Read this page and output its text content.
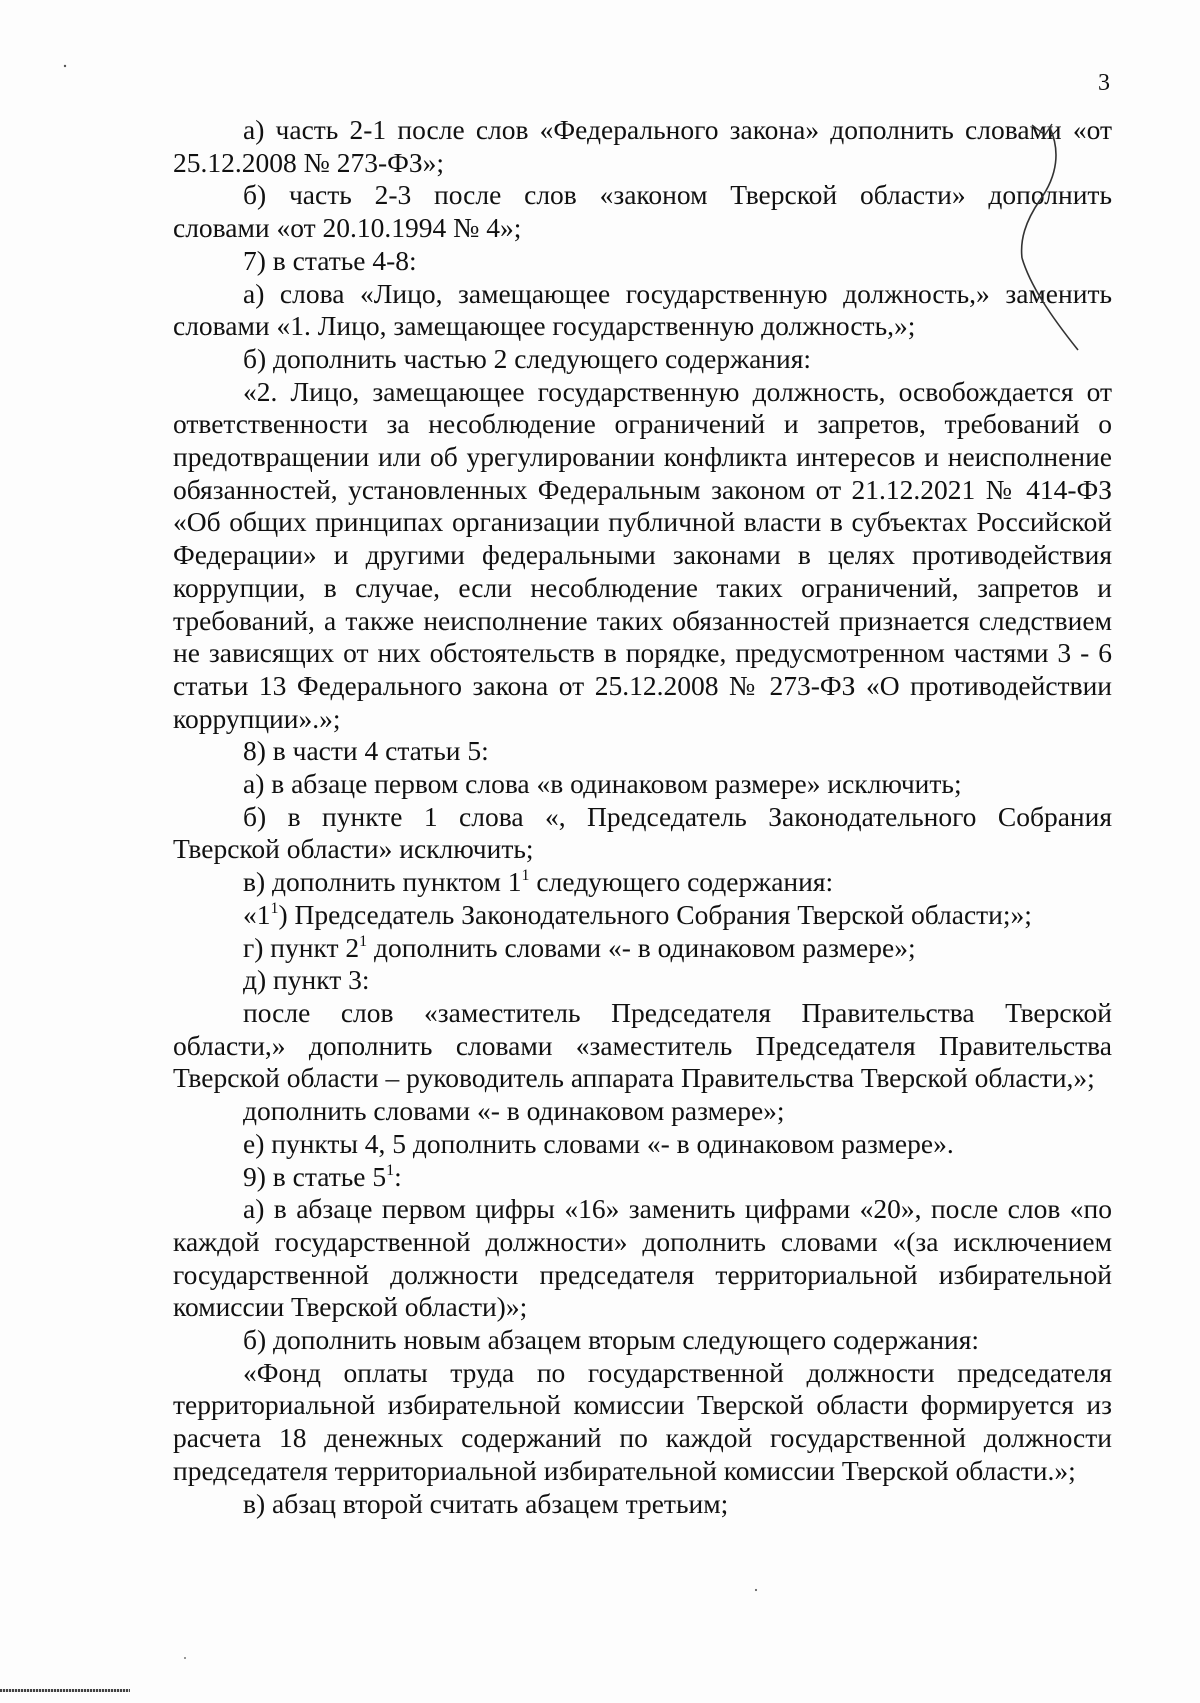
3

а) часть 2-1 после слов «Федерального закона» дополнить словами «от

25.12.2008 № 273-ФЗ»;

б) часть 2-3 после слов «законом Тверской области» дополнить

словами «от 20.10.1994 № 4»;

7) в статье 4-8:

а) слова «Лицо, замещающее государственную должность,» заменить

словами «1. Лицо, замещающее государственную должность,»;

б) дополнить частью 2 следующего содержания:

«2. Лицо, замещающее государственную должность, освобождается от ответственности за несоблюдение ограничений и запретов, требований о предотвращении или об урегулировании конфликта интересов и неисполнение обязанностей, установленных Федеральным законом от 21.12.2021 № 414-ФЗ «Об общих принципах организации публичной власти в субъектах Российской Федерации» и другими федеральными законами в целях противодействия коррупции, в случае, если несоблюдение таких ограничений, запретов и требований, а также неисполнение таких обязанностей признается следствием не зависящих от них обстоятельств в порядке, предусмотренном частями 3 - 6 статьи 13 Федерального закона от 25.12.2008 № 273-ФЗ «О противодействии коррупции».»;

8) в части 4 статьи 5:

а) в абзаце первом слова «в одинаковом размере» исключить;

б) в пункте 1 слова «, Председатель Законодательного Собрания

Тверской области» исключить;

в) дополнить пунктом $1^1$ следующего содержания:

«$1^1$) Председатель Законодательного Собрания Тверской области;»;

г) пункт $2^1$ дополнить словами «- в одинаковом размере»;

д) пункт 3:

после слов «заместитель Председателя Правительства Тверской области,» дополнить словами «заместитель Председателя Правительства Тверской области – руководитель аппарата Правительства Тверской области,»;

дополнить словами «- в одинаковом размере»;

е) пункты 4, 5 дополнить словами «- в одинаковом размере».

9) в статье $5^1$:

а) в абзаце первом цифры «16» заменить цифрами «20», после слов «по каждой государственной должности» дополнить словами «(за исключением государственной должности председателя территориальной избирательной комиссии Тверской области)»;

б) дополнить новым абзацем вторым следующего содержания:

«Фонд оплаты труда по государственной должности председателя территориальной избирательной комиссии Тверской области формируется из расчета 18 денежных содержаний по каждой государственной должности председателя территориальной избирательной комиссии Тверской области.»;

в) абзац второй считать абзацем третьим;
